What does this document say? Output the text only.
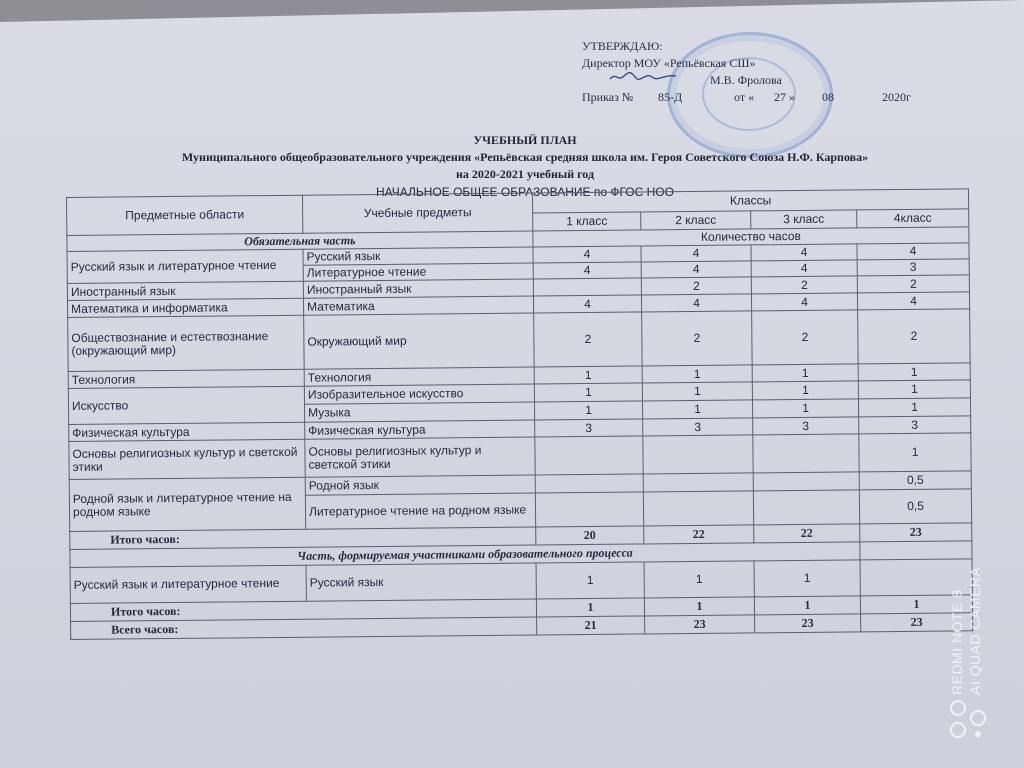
УТВЕРЖДАЮ:
Директор МОУ «Репьёвская СШ»
М.В. Фролова
Приказ № 85-Д	от « 27 » 08	2020г
УЧЕБНЫЙ ПЛАН
Муниципального общеобразовательного учреждения «Репьёвская средняя школа им. Героя Советского Союза Н.Ф. Карпова»
на 2020-2021 учебный год
НАЧАЛЬНОЕ ОБЩЕЕ ОБРАЗОВАНИЕ по ФГОС НОО
Предметные области	Учебные предметы	Классы			
		1 класс	2 класс	3 класс	4класс
Обязательная часть		Количество часов			
Русский язык и литературное чтение	Русский язык	4	4	4	4
	Литературное чтение	4	4	4	3
Иностранный язык	Иностранный язык		2	2	2
Математика и информатика	Математика	4	4	4	4
Обществознание и естествознание (окружающий мир)	Окружающий мир	2	2	2	2
Технология	Технология	1	1	1	1
Искусство	Изобразительное искусство	1	1	1	1
	Музыка	1	1	1	1
Физическая культура	Физическая культура	3	3	3	3
Основы религиозных культур и светской этики	Основы религиозных культур и светской этики				1
Родной язык и литературное чтение на родном языке	Родной язык				0,5
	Литературное чтение на родном языке				0,5
Итого часов:		20	22	22	23
Часть, формируемая участниками образовательного процесса					
Русский язык и литературное чтение	Русский язык	1	1	1	
Итого часов:		1	1	1	1
Всего часов:		21	23	23	23 REDMI NOTE 8 AI QUAD CAMERA
